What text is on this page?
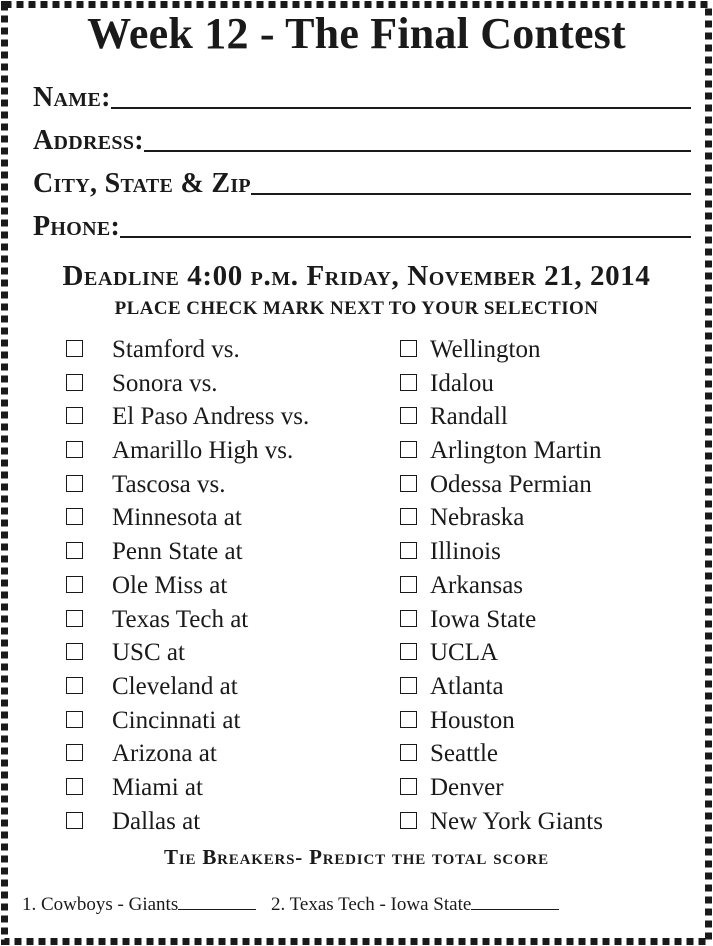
Week 12 - The Final Contest
Name:
Address:
City, State & Zip
Phone:
Deadline 4:00 p.m. Friday, November 21, 2014
PLACE CHECK MARK NEXT TO YOUR SELECTION
Stamford vs.	Wellington
Sonora vs.	Idalou
El Paso Andress vs.	Randall
Amarillo High vs.	Arlington Martin
Tascosa vs.	Odessa Permian
Minnesota at	Nebraska
Penn State at	Illinois
Ole Miss at	Arkansas
Texas Tech at	Iowa State
USC at	UCLA
Cleveland at	Atlanta
Cincinnati at	Houston
Arizona at	Seattle
Miami at	Denver
Dallas at	New York Giants
Tie Breakers- Predict the total score
1. Cowboys - Giants	2. Texas Tech - Iowa State
